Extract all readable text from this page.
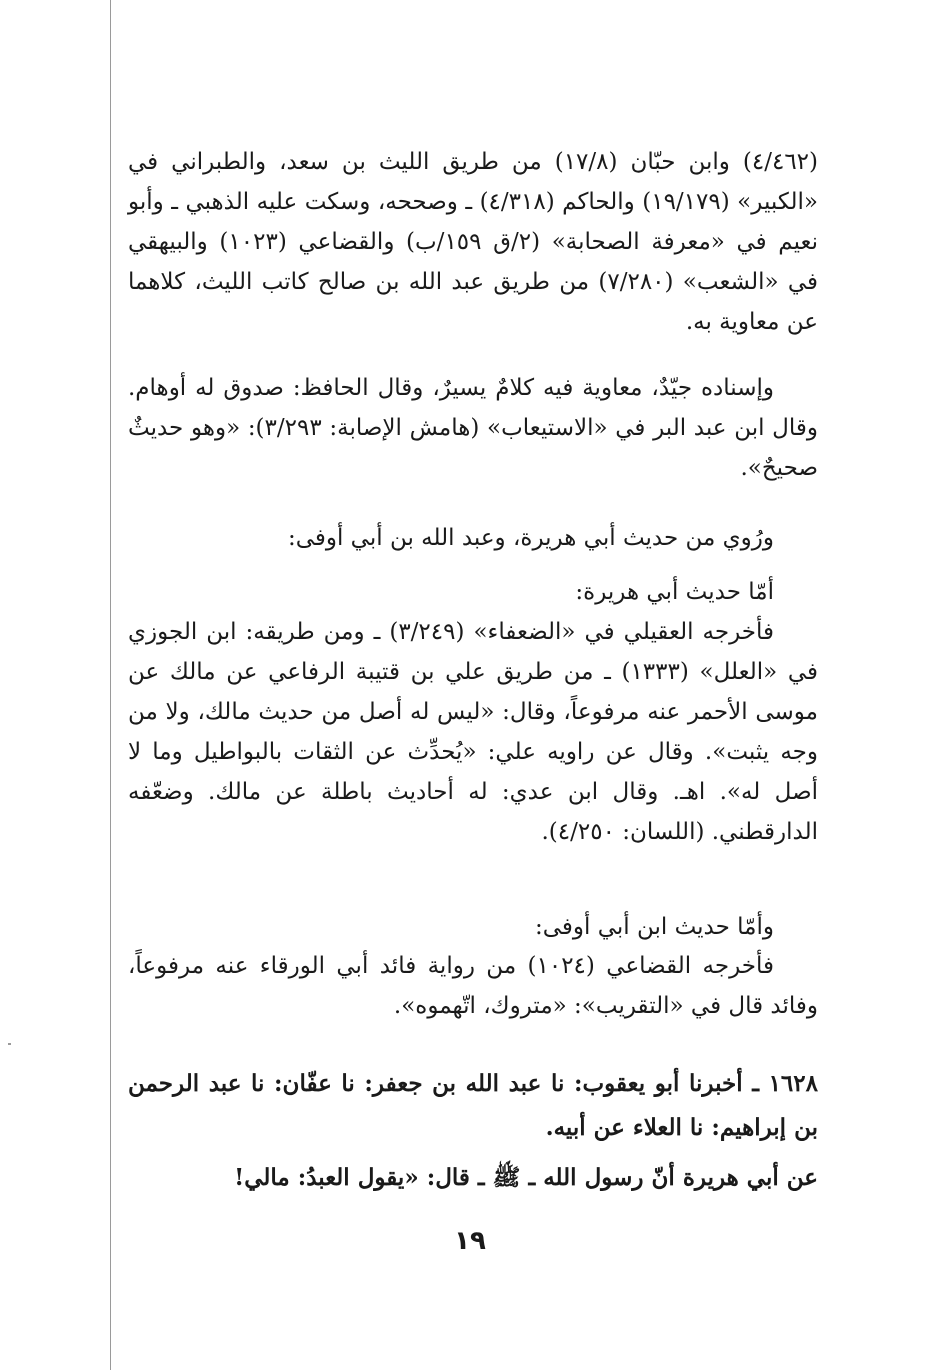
(٤/٤٦٢) وابن حبّان (١٧/٨) من طريق الليث بن سعد، والطبراني في «الكبير» (١٩/١٧٩) والحاكم (٤/٣١٨) ـ وصححه، وسكت عليه الذهبي ـ وأبو نعيم في «معرفة الصحابة» (٢/ق ١٥٩/ب) والقضاعي (١٠٢٣) والبيهقي في «الشعب» (٧/٢٨٠) من طريق عبد الله بن صالح كاتب الليث، كلاهما عن معاوية به.

وإسناده جيّدٌ، معاوية فيه كلامٌ يسيرٌ، وقال الحافظ: صدوق له أوهام. وقال ابن عبد البر في «الاستيعاب» (هامش الإصابة: ٣/٢٩٣): «وهو حديثٌ صحيحٌ».

ورُوي من حديث أبي هريرة، وعبد الله بن أبي أوفى:

أمّا حديث أبي هريرة:

فأخرجه العقيلي في «الضعفاء» (٣/٢٤٩) ـ ومن طريقه: ابن الجوزي في «العلل» (١٣٣٣) ـ من طريق علي بن قتيبة الرفاعي عن مالك عن موسى الأحمر عنه مرفوعاً، وقال: «ليس له أصل من حديث مالك، ولا من وجه يثبت». وقال عن راويه علي: «يُحدِّث عن الثقات بالبواطيل وما لا أصل له». اهـ. وقال ابن عدي: له أحاديث باطلة عن مالك. وضعّفه الدارقطني. (اللسان: ٤/٢٥٠).

وأمّا حديث ابن أبي أوفى:

فأخرجه القضاعي (١٠٢٤) من رواية فائد أبي الورقاء عنه مرفوعاً، وفائد قال في «التقريب»: «متروك، اتّهموه».

١٦٢٨ ـ أخبرنا أبو يعقوب: نا عبد الله بن جعفر: نا عفّان: نا عبد الرحمن بن إبراهيم: نا العلاء عن أبيه.

عن أبي هريرة أنّ رسول الله ـ ﷺ ـ قال: «يقول العبدُ: مالي!

١٩
